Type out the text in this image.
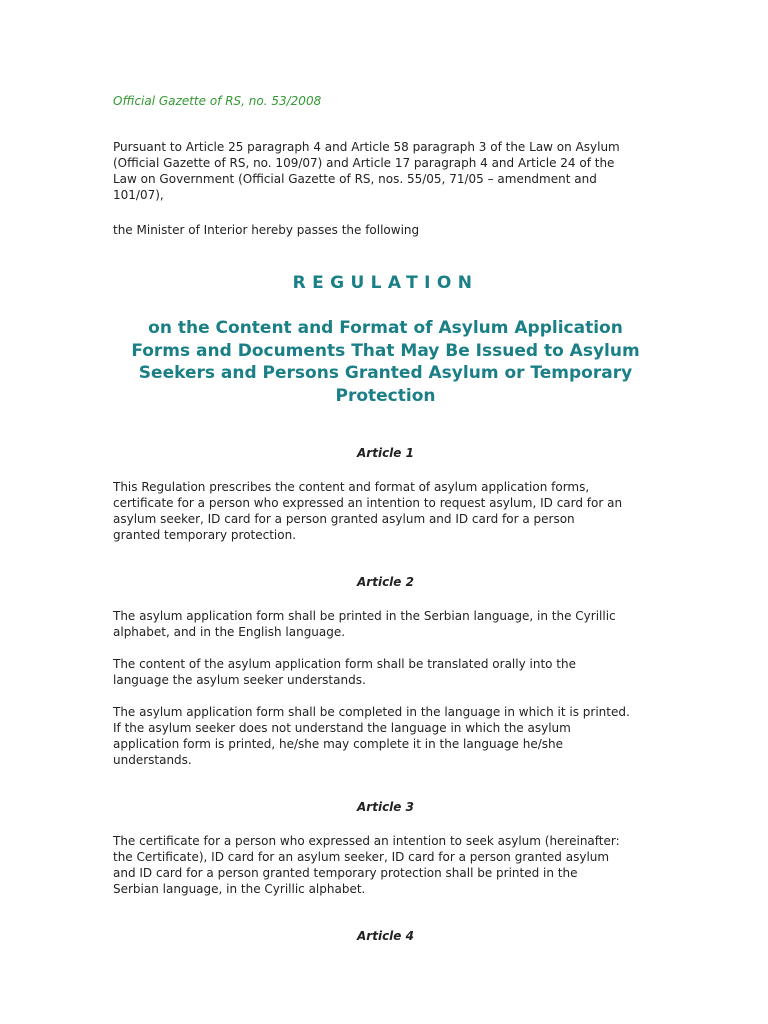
Official Gazette of RS, no. 53/2008

Pursuant to Article 25 paragraph 4 and Article 58 paragraph 3 of the Law on Asylum
(Official Gazette of RS, no. 109/07) and Article 17 paragraph 4 and Article 24 of the
Law on Government (Official Gazette of RS, nos. 55/05, 71/05 – amendment and
101/07),

the Minister of Interior hereby passes the following

REGULATION
on the Content and Format of Asylum Application
Forms and Documents That May Be Issued to Asylum
Seekers and Persons Granted Asylum or Temporary
Protection
Article 1

This Regulation prescribes the content and format of asylum application forms,
certificate for a person who expressed an intention to request asylum, ID card for an
asylum seeker, ID card for a person granted asylum and ID card for a person
granted temporary protection.

Article 2

The asylum application form shall be printed in the Serbian language, in the Cyrillic
alphabet, and in the English language.

The content of the asylum application form shall be translated orally into the
language the asylum seeker understands.

The asylum application form shall be completed in the language in which it is printed.
If the asylum seeker does not understand the language in which the asylum
application form is printed, he/she may complete it in the language he/she
understands.

Article 3

The certificate for a person who expressed an intention to seek asylum (hereinafter:
the Certificate), ID card for an asylum seeker, ID card for a person granted asylum
and ID card for a person granted temporary protection shall be printed in the
Serbian language, in the Cyrillic alphabet.

Article 4
